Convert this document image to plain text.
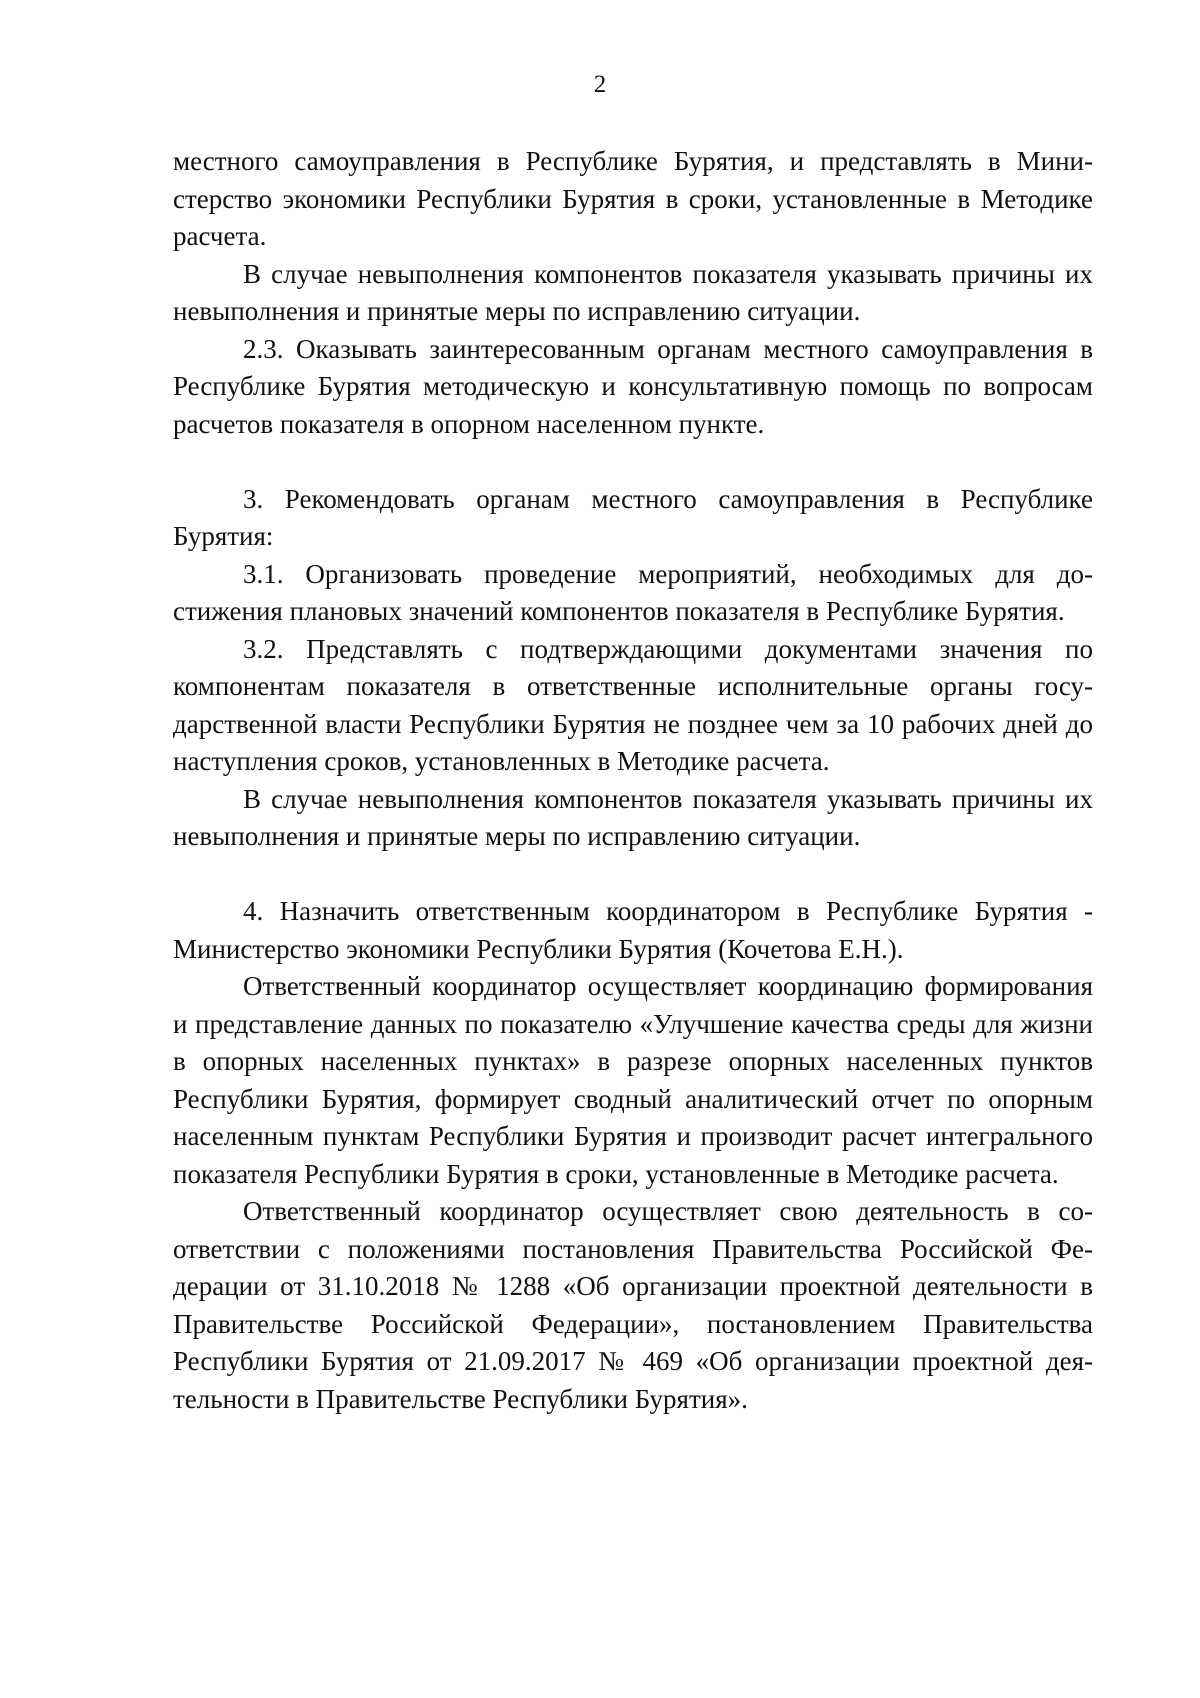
2

местного самоуправления в Республике Бурятия, и представлять в Министерство экономики Республики Бурятия в сроки, установленные в Методике расчета.

В случае невыполнения компонентов показателя указывать причины их невыполнения и принятые меры по исправлению ситуации.

2.3. Оказывать заинтересованным органам местного самоуправления в Республике Бурятия методическую и консультативную помощь по вопросам расчетов показателя в опорном населенном пункте.

3. Рекомендовать органам местного самоуправления в Республике Бурятия:

3.1. Организовать проведение мероприятий, необходимых для достижения плановых значений компонентов показателя в Республике Бурятия.

3.2. Представлять с подтверждающими документами значения по компонентам показателя в ответственные исполнительные органы государственной власти Республики Бурятия не позднее чем за 10 рабочих дней до наступления сроков, установленных в Методике расчета.

В случае невыполнения компонентов показателя указывать причины их невыполнения и принятые меры по исправлению ситуации.

4. Назначить ответственным координатором в Республике Бурятия - Министерство экономики Республики Бурятия (Кочетова Е.Н.).

Ответственный координатор осуществляет координацию формирования и представление данных по показателю «Улучшение качества среды для жизни в опорных населенных пунктах» в разрезе опорных населенных пунктов Республики Бурятия, формирует сводный аналитический отчет по опорным населенным пунктам Республики Бурятия и производит расчет интегрального показателя Республики Бурятия в сроки, установленные в Методике расчета.

Ответственный координатор осуществляет свою деятельность в соответствии с положениями постановления Правительства Российской Федерации от 31.10.2018 № 1288 «Об организации проектной деятельности в Правительстве Российской Федерации», постановлением Правительства Республики Бурятия от 21.09.2017 № 469 «Об организации проектной деятельности в Правительстве Республики Бурятия».
